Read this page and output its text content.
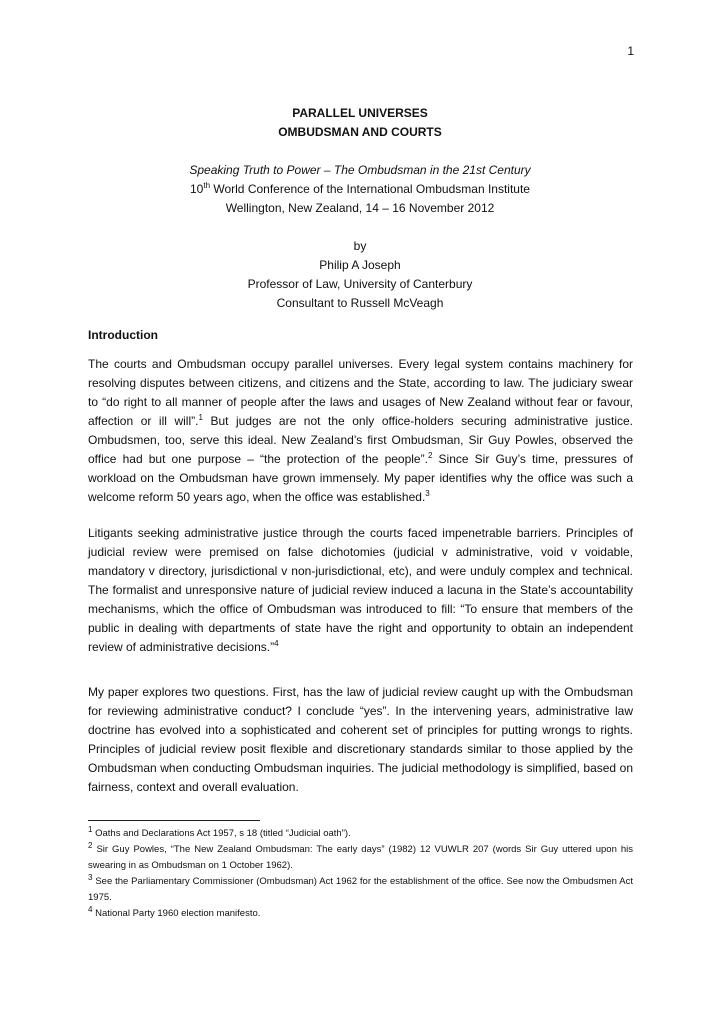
1
PARALLEL UNIVERSES
OMBUDSMAN AND COURTS
Speaking Truth to Power – The Ombudsman in the 21st Century
10th World Conference of the International Ombudsman Institute
Wellington, New Zealand, 14 – 16 November 2012
by
Philip A Joseph
Professor of Law, University of Canterbury
Consultant to Russell McVeagh
Introduction
The courts and Ombudsman occupy parallel universes. Every legal system contains machinery for resolving disputes between citizens, and citizens and the State, according to law. The judiciary swear to “do right to all manner of people after the laws and usages of New Zealand without fear or favour, affection or ill will”.$^1$ But judges are not the only office-holders securing administrative justice. Ombudsmen, too, serve this ideal. New Zealand’s first Ombudsman, Sir Guy Powles, observed the office had but one purpose – “the protection of the people”.$^2$ Since Sir Guy’s time, pressures of workload on the Ombudsman have grown immensely. My paper identifies why the office was such a welcome reform 50 years ago, when the office was established.$^3$
Litigants seeking administrative justice through the courts faced impenetrable barriers. Principles of judicial review were premised on false dichotomies (judicial v administrative, void v voidable, mandatory v directory, jurisdictional v non-jurisdictional, etc), and were unduly complex and technical. The formalist and unresponsive nature of judicial review induced a lacuna in the State’s accountability mechanisms, which the office of Ombudsman was introduced to fill: “To ensure that members of the public in dealing with departments of state have the right and opportunity to obtain an independent review of administrative decisions.”$^4$
My paper explores two questions. First, has the law of judicial review caught up with the Ombudsman for reviewing administrative conduct? I conclude “yes”. In the intervening years, administrative law doctrine has evolved into a sophisticated and coherent set of principles for putting wrongs to rights. Principles of judicial review posit flexible and discretionary standards similar to those applied by the Ombudsman when conducting Ombudsman inquiries. The judicial methodology is simplified, based on fairness, context and overall evaluation.

$^1$ Oaths and Declarations Act 1957, s 18 (titled “Judicial oath”).

$^2$ Sir Guy Powles, “The New Zealand Ombudsman: The early days” (1982) 12 VUWLR 207 (words Sir Guy uttered upon his swearing in as Ombudsman on 1 October 1962).

$^3$ See the Parliamentary Commissioner (Ombudsman) Act 1962 for the establishment of the office. See now the Ombudsmen Act 1975.

$^4$ National Party 1960 election manifesto.
